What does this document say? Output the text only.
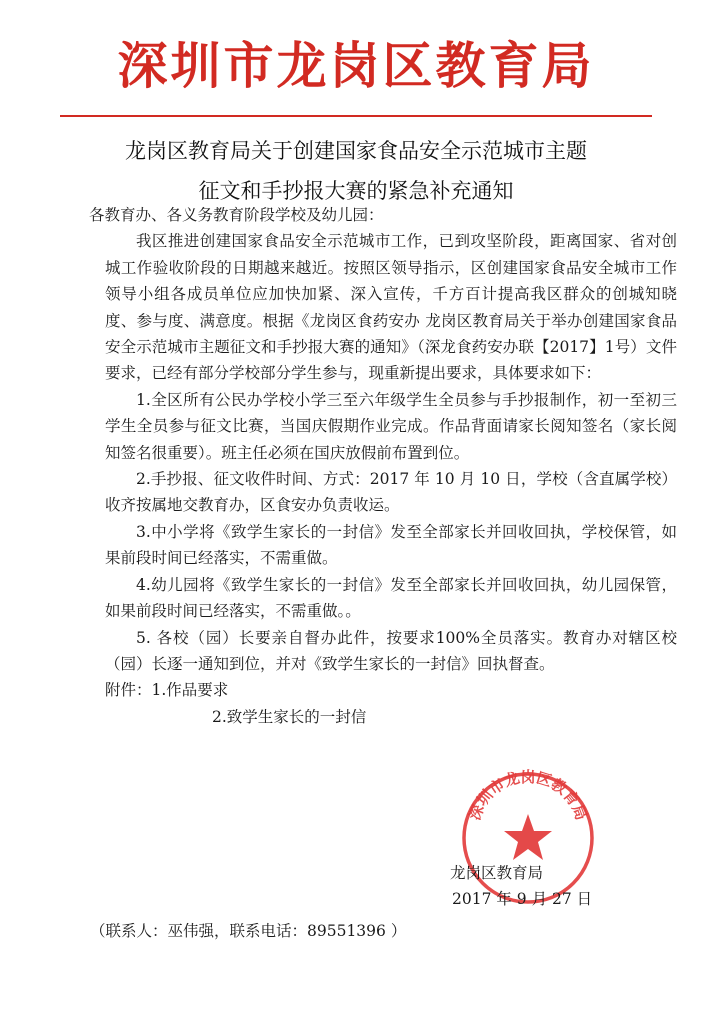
深圳市龙岗区教育局
龙岗区教育局关于创建国家食品安全示范城市主题
征文和手抄报大赛的紧急补充通知

各教育办、各义务教育阶段学校及幼儿园：

我区推进创建国家食品安全示范城市工作，已到攻坚阶段，距离国家、省对创城工作验收阶段的日期越来越近。按照区领导指示，区创建国家食品安全城市工作领导小组各成员单位应加快加紧、深入宣传，千方百计提高我区群众的创城知晓度、参与度、满意度。根据《龙岗区食药安办 龙岗区教育局关于举办创建国家食品安全示范城市主题征文和手抄报大赛的通知》（深龙食药安办联【2017】1号）文件要求，已经有部分学校部分学生参与，现重新提出要求，具体要求如下：

1.全区所有公民办学校小学三至六年级学生全员参与手抄报制作，初一至初三学生全员参与征文比赛，当国庆假期作业完成。作品背面请家长阅知签名（家长阅知签名很重要）。班主任必须在国庆放假前布置到位。

2.手抄报、征文收件时间、方式：2017 年 10 月 10 日，学校（含直属学校）收齐按属地交教育办，区食安办负责收运。

3.中小学将《致学生家长的一封信》发至全部家长并回收回执，学校保管，如果前段时间已经落实，不需重做。

4.幼儿园将《致学生家长的一封信》发至全部家长并回收回执，幼儿园保管，如果前段时间已经落实，不需重做。。

5. 各校（园）长要亲自督办此件，按要求100%全员落实。教育办对辖区校（园）长逐一通知到位，并对《致学生家长的一封信》回执督查。

附件：1.作品要求

2.致学生家长的一封信

深圳市龙岗区教育局
龙岗区教育局
2017 年 9 月 27 日
（联系人：巫伟强，联系电话：89551396 ）
